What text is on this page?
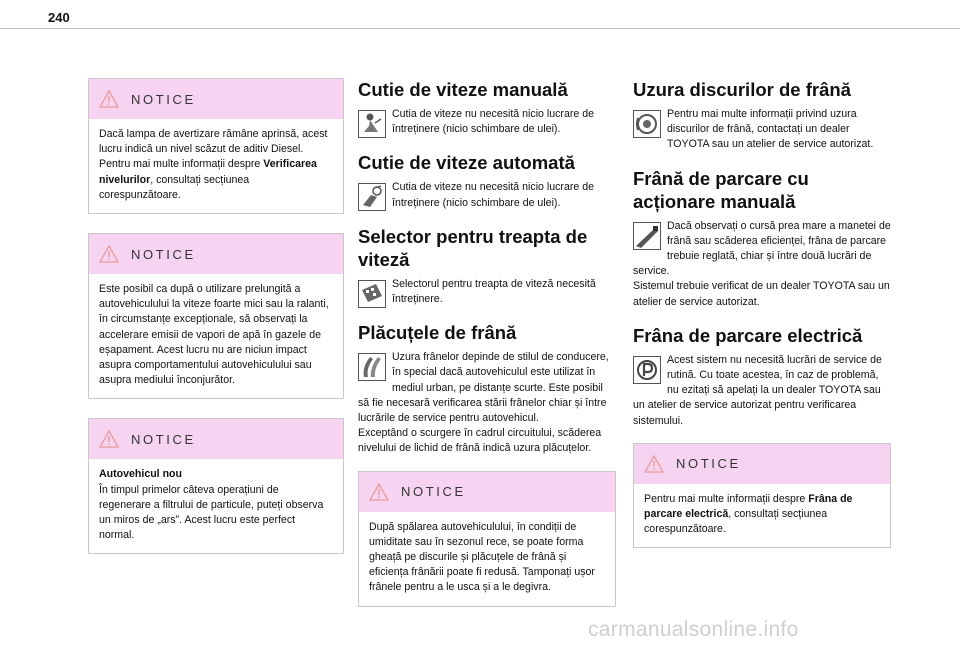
240
NOTICE

Dacă lampa de avertizare rămâne aprinsă, acest lucru indică un nivel scăzut de aditiv Diesel.

Pentru mai multe informații despre Verificarea nivelurilor, consultați secțiunea corespunzătoare.

NOTICE

Este posibil ca după o utilizare prelungită a autovehiculului la viteze foarte mici sau la ralanti, în circumstanțe excepționale, să observați la accelerare emisii de vapori de apă în gazele de eșapament. Acest lucru nu are niciun impact asupra comportamentului autovehiculului sau asupra mediului înconjurător.

NOTICE

Autovehicul nou

În timpul primelor câteva operațiuni de regenerare a filtrului de particule, puteți observa un miros de „ars”. Acest lucru este perfect normal.

Cutie de viteze manuală

Cutia de viteze nu necesită nicio lucrare de întreținere (nicio schimbare de ulei).

Cutie de viteze automată

Cutia de viteze nu necesită nicio lucrare de întreținere (nicio schimbare de ulei).

Selector pentru treapta de viteză

Selectorul pentru treapta de viteză necesită întreținere.

Plăcuțele de frână

Uzura frânelor depinde de stilul de conducere, în special dacă autovehiculul este utilizat în mediul urban, pe distanțe scurte. Este posibil să fie necesară verificarea stării frânelor chiar și între lucrările de service pentru autovehicul.

Exceptând o scurgere în cadrul circuitului, scăderea nivelului de lichid de frână indică uzura plăcuțelor.

NOTICE

După spălarea autovehiculului, în condiții de umiditate sau în sezonul rece, se poate forma gheață pe discurile și plăcuțele de frână și eficiența frânării poate fi redusă. Tamponați ușor frânele pentru a le usca și a le degivra.

Uzura discurilor de frână

Pentru mai multe informații privind uzura discurilor de frână, contactați un dealer TOYOTA sau un atelier de service autorizat.

Frână de parcare cu acționare manuală

Dacă observați o cursă prea mare a manetei de frână sau scăderea eficienței, frâna de parcare trebuie reglată, chiar și între două lucrări de service.

Sistemul trebuie verificat de un dealer TOYOTA sau un atelier de service autorizat.

Frâna de parcare electrică

Acest sistem nu necesită lucrări de service de rutină. Cu toate acestea, în caz de problemă, nu ezitați să apelați la un dealer TOYOTA sau un atelier de service autorizat pentru verificarea sistemului.

NOTICE

Pentru mai multe informații despre Frâna de parcare electrică, consultați secțiunea corespunzătoare.

carmanualsonline.info
